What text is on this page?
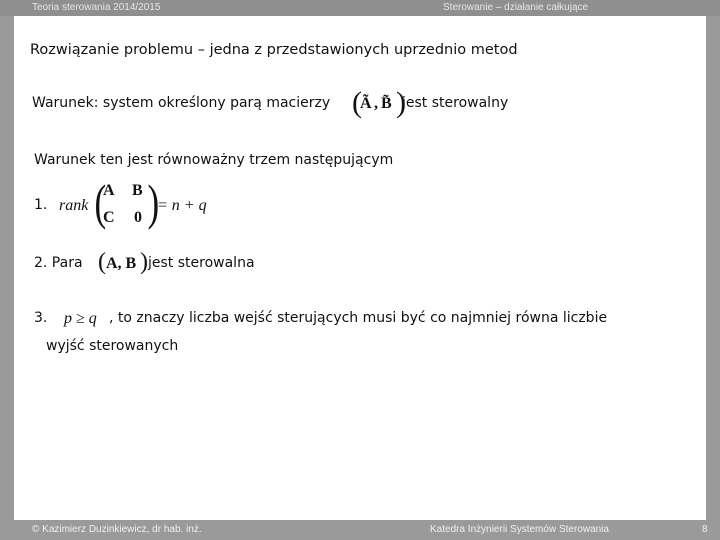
Teoria sterowania 2014/2015	Sterowanie – działanie całkujące
Rozwiązanie problemu – jedna z przedstawionych uprzednio metod
Warunek: system określony parą macierzy (
Ã , B̃ )
jest sterowalny
Warunek ten jest równoważny trzem następującym
1. rank (
A B
C 0 )
= n + q
2. Para ( A, B ) jest sterowalna
3. p ≥ q , to znaczy liczba wejść sterujących musi być co najmniej równa liczbie
wyjść sterowanych
© Kazimierz Duzinkiewicz, dr hab. inż.	Katedra Inżynierii Systemów Sterowania	8
